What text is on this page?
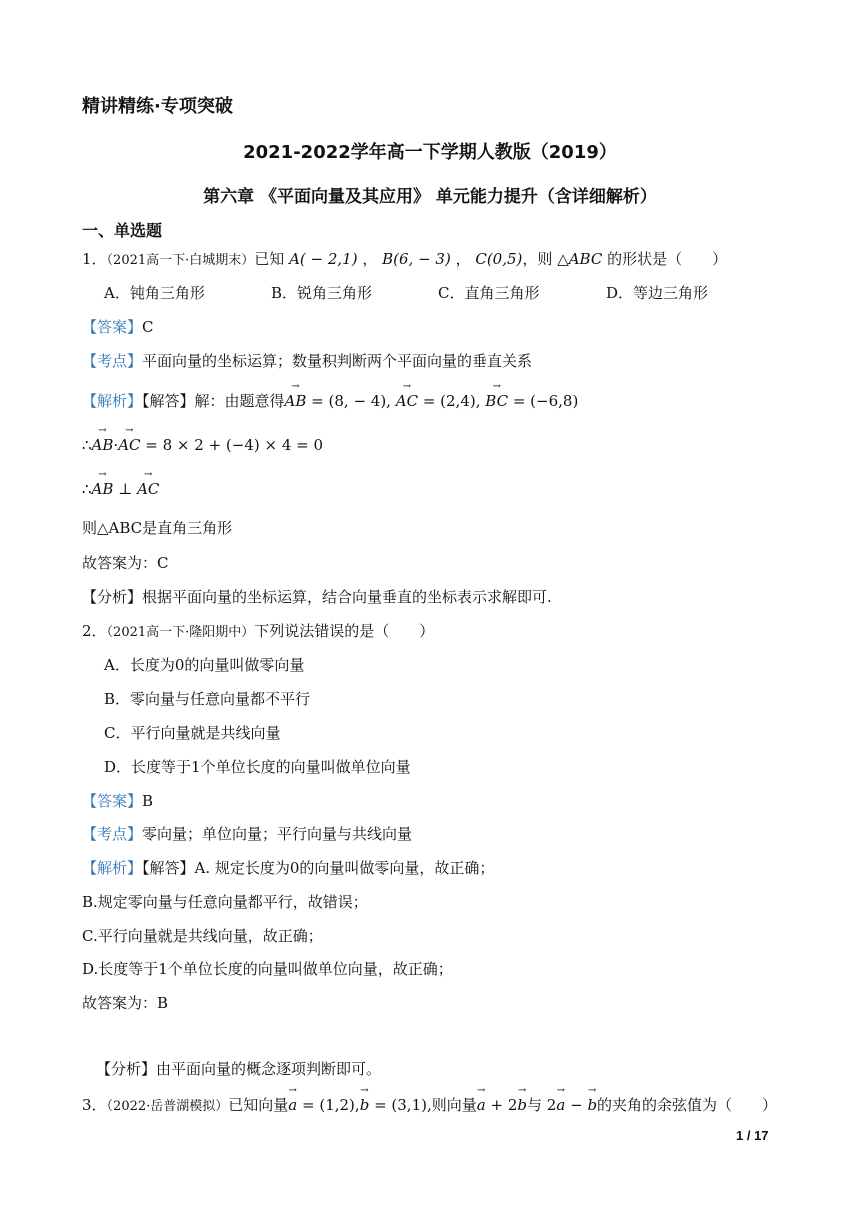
精讲精练·专项突破
2021-2022学年高一下学期人教版（2019）
第六章 《平面向量及其应用》 单元能力提升（含详细解析）
一、单选题
1．（2021高一下·白城期末）已知 A( − 2,1) ， B(6, − 3) ， C(0,5)，则 △ABC 的形状是（　　）
A．钝角三角形	B．锐角三角形	C．直角三角形	D．等边三角形
【答案】C
【考点】平面向量的坐标运算；数量积判断两个平面向量的垂直关系
【解析】【解答】解：由题意得→ AB = (8, − 4), → AC = (2,4), → BC = (−6,8)
∴→ AB·→ AC = 8 × 2 + (−4) × 4 = 0
∴→ AB ⊥ → AC
则△ABC是直角三角形
故答案为：C
【分析】根据平面向量的坐标运算，结合向量垂直的坐标表示求解即可.
2．（2021高一下·隆阳期中）下列说法错误的是（　　）
A．长度为0的向量叫做零向量
B．零向量与任意向量都不平行
C．平行向量就是共线向量
D．长度等于1个单位长度的向量叫做单位向量
【答案】B
【考点】零向量；单位向量；平行向量与共线向量
【解析】【解答】A. 规定长度为0的向量叫做零向量，故正确；
B.规定零向量与任意向量都平行，故错误；
C.平行向量就是共线向量，故正确；
D.长度等于1个单位长度的向量叫做单位向量，故正确；
故答案为：B
【分析】由平面向量的概念逐项判断即可。
3．（2022·岳普湖模拟）已知向量→ a = (1,2),→ b = (3,1),则向量→ a + 2→ b与 2→ a − → b的夹角的余弦值为（　　）
1 / 17
